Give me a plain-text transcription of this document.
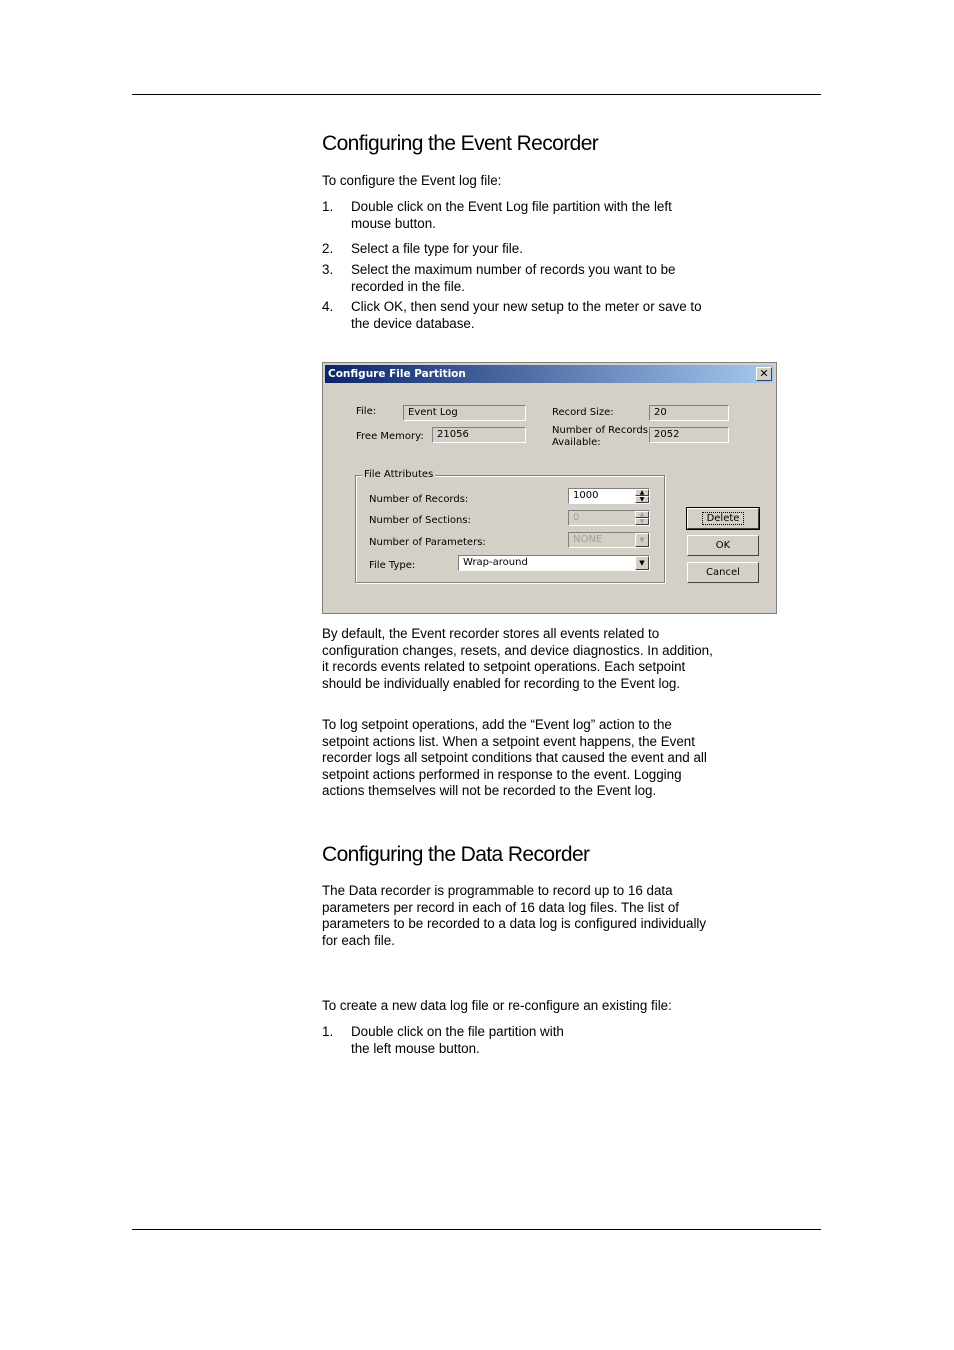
Configuring the Event Recorder
To configure the Event log file:
1. Double click on the Event Log file partition with the left mouse button.
2. Select a file type for your file.
3. Select the maximum number of records you want to be recorded in the file.
4. Click OK, then send your new setup to the meter or save to the device database.
Configure File Partition	✕
File:	Event Log
Free Memory:	21056
Record Size:	20
Number of Records
Available:
2052
File Attributes
Number of Records:	1000	▲
▼
Number of Sections:	0	▲
▼
Number of Parameters:	NONE	▼
File Type:	Wrap-around	▼
Delete
OK
Cancel
By default, the Event recorder stores all events related to configuration changes, resets, and device diagnostics. In addition, it records events related to setpoint operations. Each setpoint should be individually enabled for recording to the Event log.
To log setpoint operations, add the “Event log” action to the setpoint actions list. When a setpoint event happens, the Event recorder logs all setpoint conditions that caused the event and all setpoint actions performed in response to the event. Logging actions themselves will not be recorded to the Event log.
Configuring the Data Recorder
The Data recorder is programmable to record up to 16 data parameters per record in each of 16 data log files. The list of parameters to be recorded to a data log is configured individually for each file.
To create a new data log file or re-configure an existing file:
1. Double click on the file partition with the left mouse button.
